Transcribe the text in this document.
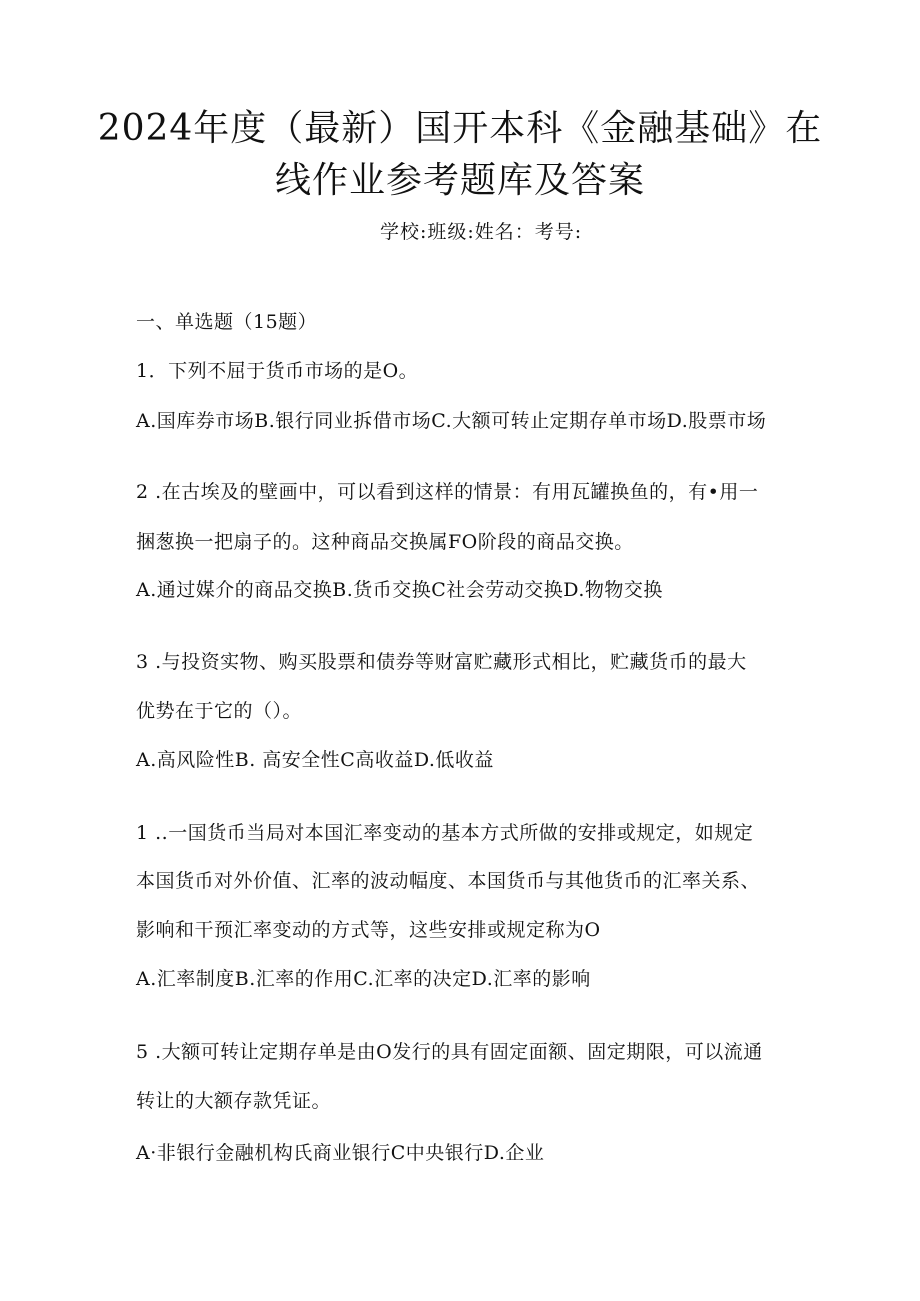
2024年度（最新）国开本科《金融基础》在
线作业参考题库及答案
学校:班级:姓名：考号:
一、单选题（15题）
1．下列不屈于货币市场的是O。
A.国库券市场B.银行同业拆借市场C.大额可转止定期存单市场D.股票市场
2 .在古埃及的壁画中，可以看到这样的情景：有用瓦罐换鱼的，有•用一
捆葱换一把扇子的。这种商品交换属FO阶段的商品交换。
A.通过媒介的商品交换B.货币交换C社会劳动交换D.物物交换
3 .与投资实物、购买股票和债券等财富贮藏形式相比，贮藏货币的最大
优势在于它的（）。
A.高风险性B. 高安全性C高收益D.低收益
1 ..一国货币当局对本国汇率变动的基本方式所做的安排或规定，如规定
本国货币对外价值、汇率的波动幅度、本国货币与其他货币的汇率关系、
影响和干预汇率变动的方式等，这些安排或规定称为O
A.汇率制度B.汇率的作用C.汇率的决定D.汇率的影响
5 .大额可转让定期存单是由O发行的具有固定面额、固定期限，可以流通
转让的大额存款凭证。
A·非银行金融机构氏商业银行C中央银行D.企业
